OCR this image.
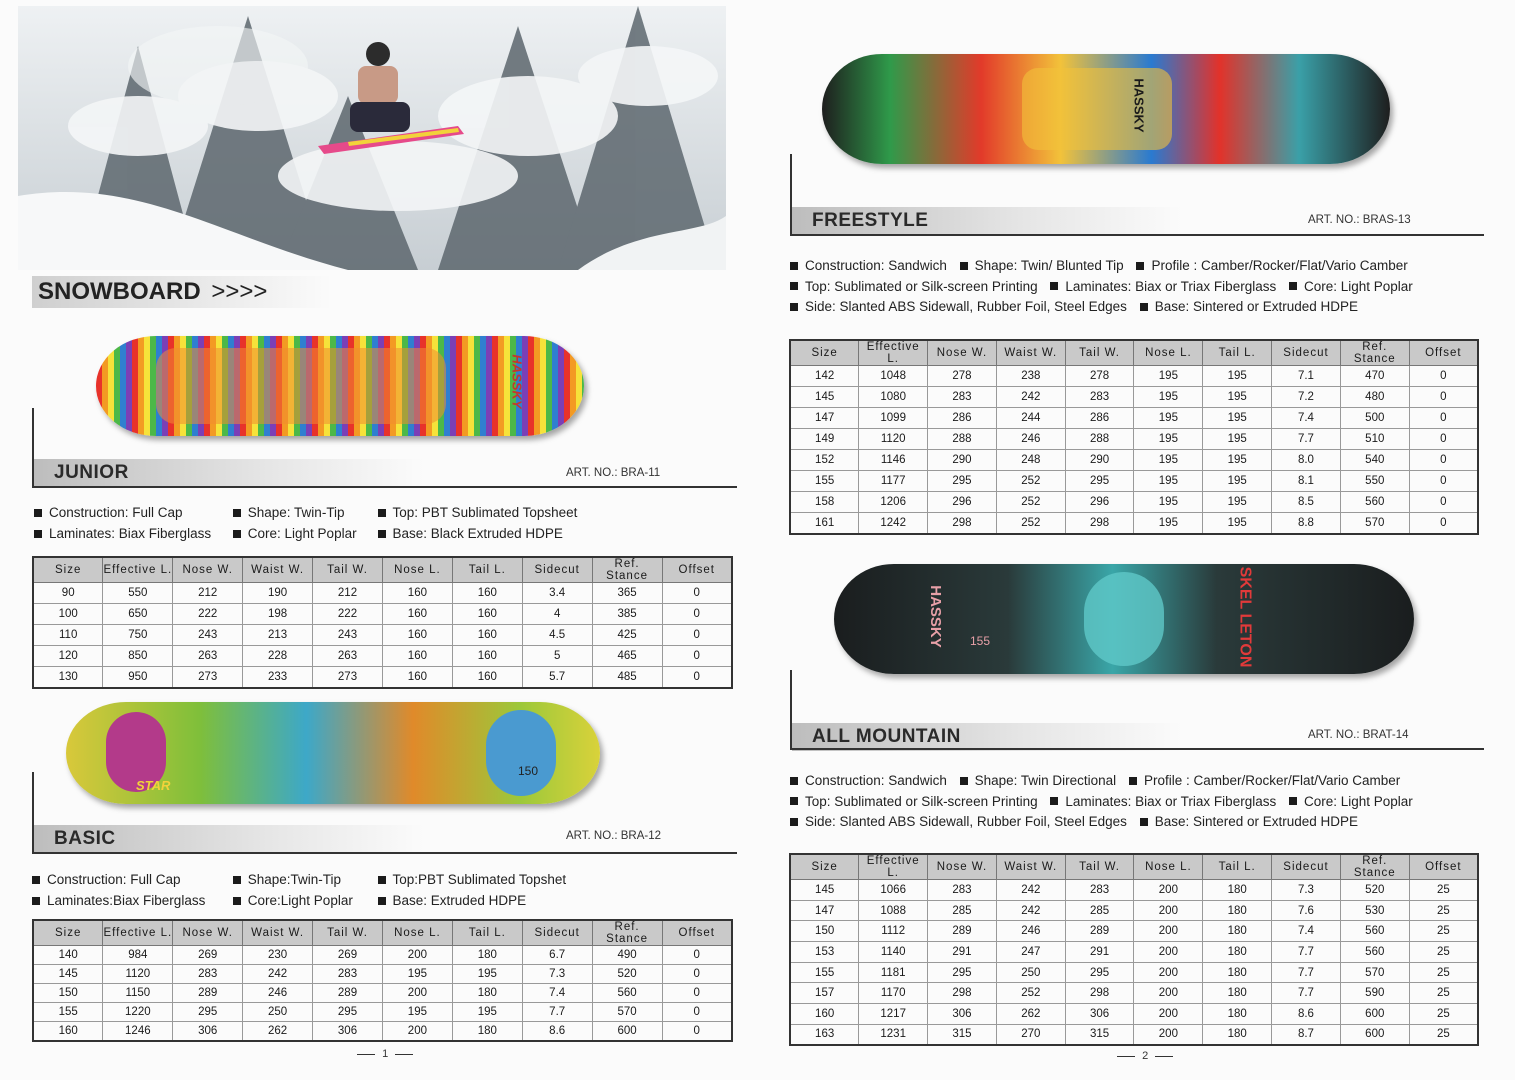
SNOWBOARD >>>>
HASSKY
JUNIOR	ART. NO.: BRA-11
Construction: Full Cap	Shape: Twin-Tip	Top: PBT Sublimated Topsheet
Laminates: Biax Fiberglass	Core: Light Poplar	Base: Black Extruded HDPE
Size	Effective L.	Nose W.	Waist W.	Tail W.	Nose L.	Tail L.	Sidecut	Ref. Stance	Offset
90	550	212	190	212	160	160	3.4	365	0
100	650	222	198	222	160	160	4	385	0
110	750	243	213	243	160	160	4.5	425	0
120	850	263	228	263	160	160	5	465	0
130	950	273	233	273	160	160	5.7	485	0
STAR
150
BASIC	ART. NO.: BRA-12
Construction: Full Cap	Shape:Twin-Tip	Top:PBT Sublimated Topshet
Laminates:Biax Fiberglass	Core:Light Poplar	Base: Extruded HDPE
Size	Effective L.	Nose W.	Waist W.	Tail W.	Nose L.	Tail L.	Sidecut	Ref. Stance	Offset
140	984	269	230	269	200	180	6.7	490	0
145	1120	283	242	283	195	195	7.3	520	0
150	1150	289	246	289	200	180	7.4	560	0
155	1220	295	250	295	195	195	7.7	570	0
160	1246	306	262	306	200	180	8.6	600	0
1
HASSKY
FREESTYLE	ART. NO.: BRAS-13
Construction: Sandwich Shape: Twin/ Blunted Tip Profile : Camber/Rocker/Flat/Vario Camber
Top: Sublimated or Silk-screen Printing Laminates: Biax or Triax Fiberglass Core: Light Poplar
Side: Slanted ABS Sidewall, Rubber Foil, Steel Edges Base: Sintered or Extruded HDPE
Size	Effective L.	Nose W.	Waist W.	Tail W.	Nose L.	Tail L.	Sidecut	Ref. Stance	Offset
142	1048	278	238	278	195	195	7.1	470	0
145	1080	283	242	283	195	195	7.2	480	0
147	1099	286	244	286	195	195	7.4	500	0
149	1120	288	246	288	195	195	7.7	510	0
152	1146	290	248	290	195	195	8.0	540	0
155	1177	295	252	295	195	195	8.1	550	0
158	1206	296	252	296	195	195	8.5	560	0
161	1242	298	252	298	195	195	8.8	570	0
HASSKY 155	SKEL LETON
ALL MOUNTAIN	ART. NO.: BRAT-14
Construction: Sandwich Shape: Twin Directional Profile : Camber/Rocker/Flat/Vario Camber
Top: Sublimated or Silk-screen Printing Laminates: Biax or Triax Fiberglass Core: Light Poplar
Side: Slanted ABS Sidewall, Rubber Foil, Steel Edges Base: Sintered or Extruded HDPE
Size	Effective L.	Nose W.	Waist W.	Tail W.	Nose L.	Tail L.	Sidecut	Ref. Stance	Offset
145	1066	283	242	283	200	180	7.3	520	25
147	1088	285	242	285	200	180	7.6	530	25
150	1112	289	246	289	200	180	7.4	560	25
153	1140	291	247	291	200	180	7.7	560	25
155	1181	295	250	295	200	180	7.7	570	25
157	1170	298	252	298	200	180	7.7	590	25
160	1217	306	262	306	200	180	8.6	600	25
163	1231	315	270	315	200	180	8.7	600	25
2
